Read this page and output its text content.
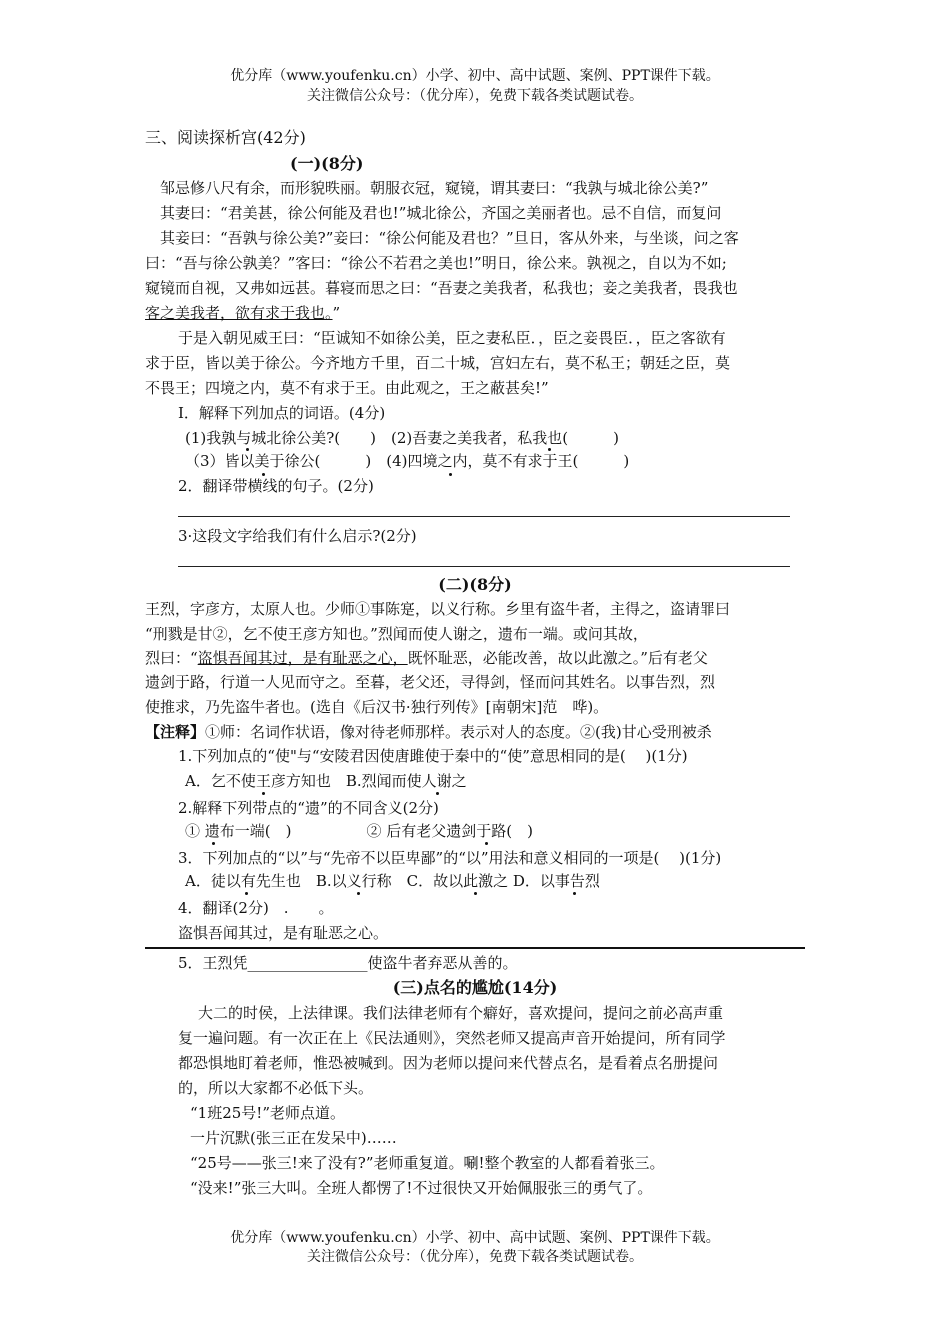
优分库（www.youfenku.cn）小学、初中、高中试题、案例、PPT课件下载。
关注微信公众号：（优分库），免费下载各类试题试卷。
三、阅读探析宫(42分)
(一)(8分)
邹忌修八尺有余，而形貌昳丽。朝服衣冠，窥镜，谓其妻曰：“我孰与城北徐公美?”
其妻曰：“君美甚，徐公何能及君也!”城北徐公，齐国之美丽者也。忌不自信，而复问
其妾曰：“吾孰与徐公美?”妾曰：“徐公何能及君也？”旦日，客从外来，与坐谈，问之客
曰：“吾与徐公孰美？”客曰：“徐公不若君之美也!”明日，徐公来。孰视之，自以为不如;
窥镜而自视，又弗如远甚。暮寝而思之曰：“吾妻之美我者，私我也；妾之美我者，畏我也
客之美我者，欲有求于我也。”
于是入朝见威王曰：“臣诚知不如徐公美，臣之妻私臣．，臣之妾畏臣．，臣之客欲有
求于臣，皆以美于徐公。今齐地方千里，百二十城，宫妇左右，莫不私王；朝廷之臣，莫
不畏王；四境之内，莫不有求于王。由此观之，王之蔽甚矣!”
I．解释下列加点的词语。(4分)
(1)我孰与城北徐公美?(　　)　(2)吾妻之美我者，私我也(　　　)
（3）皆以美于徐公(　　　)　(4)四境之内，莫不有求于王(　　　)
2．翻译带横线的句子。(2分)
3·这段文字给我们有什么启示?(2分)
(二)(8分)
王烈，字彦方，太原人也。少师①事陈寔，以义行称。乡里有盗牛者，主得之，盗请罪曰
“刑戮是甘②，乞不使王彦方知也。”烈闻而使人谢之，遗布一端。或问其故，
烈曰：“盗惧吾闻其过，是有耻恶之心，既怀耻恶，必能改善，故以此激之。”后有老父
遗剑于路，行道一人见而守之。至暮，老父还，寻得剑，怪而问其姓名。以事告烈，烈
使推求，乃先盗牛者也。(选自《后汉书·独行列传》[南朝宋]范　哗)。
【注释】①师：名词作状语，像对待老师那样。表示对人的态度。②(我)甘心受刑被杀
1.下列加点的“使"与“安陵君因使唐雎使于秦中的“使”意思相同的是(　 )(1分)
A．乞不使王彦方知也　B.烈闻而使人谢之
2.解释下列带点的“遗”的不同含义(2分)
① 遗布一端(　)　　　　　② 后有老父遗剑于路(　)
3．下列加点的“以”与“先帝不以臣卑鄙”的“以”用法和意义相同的一项是(　 )(1分)
A．徒以有先生也　B.以义行称　C．故以此激之 D．以事告烈
4．翻译(2分)　.　　。
盗惧吾闻其过，是有耻恶之心。
5．王烈凭________________使盗牛者弃恶从善的。
(三)点名的尴尬(14分)
大二的时侯，上法律课。我们法律老师有个癖好，喜欢提问，提问之前必高声重
复一遍问题。有一次正在上《民法通则》，突然老师又提高声音开始提问，所有同学
都恐惧地盯着老师，惟恐被喊到。因为老师以提问来代替点名，是看着点名册提问
的，所以大家都不必低下头。
“1班25号!”老师点道。
一片沉默(张三正在发呆中)……
“25号——张三!来了没有?”老师重复道。唰!整个教室的人都看着张三。
“没来!”张三大叫。全班人都愣了!不过很快又开始佩服张三的勇气了。
优分库（www.youfenku.cn）小学、初中、高中试题、案例、PPT课件下载。
关注微信公众号：（优分库），免费下载各类试题试卷。
